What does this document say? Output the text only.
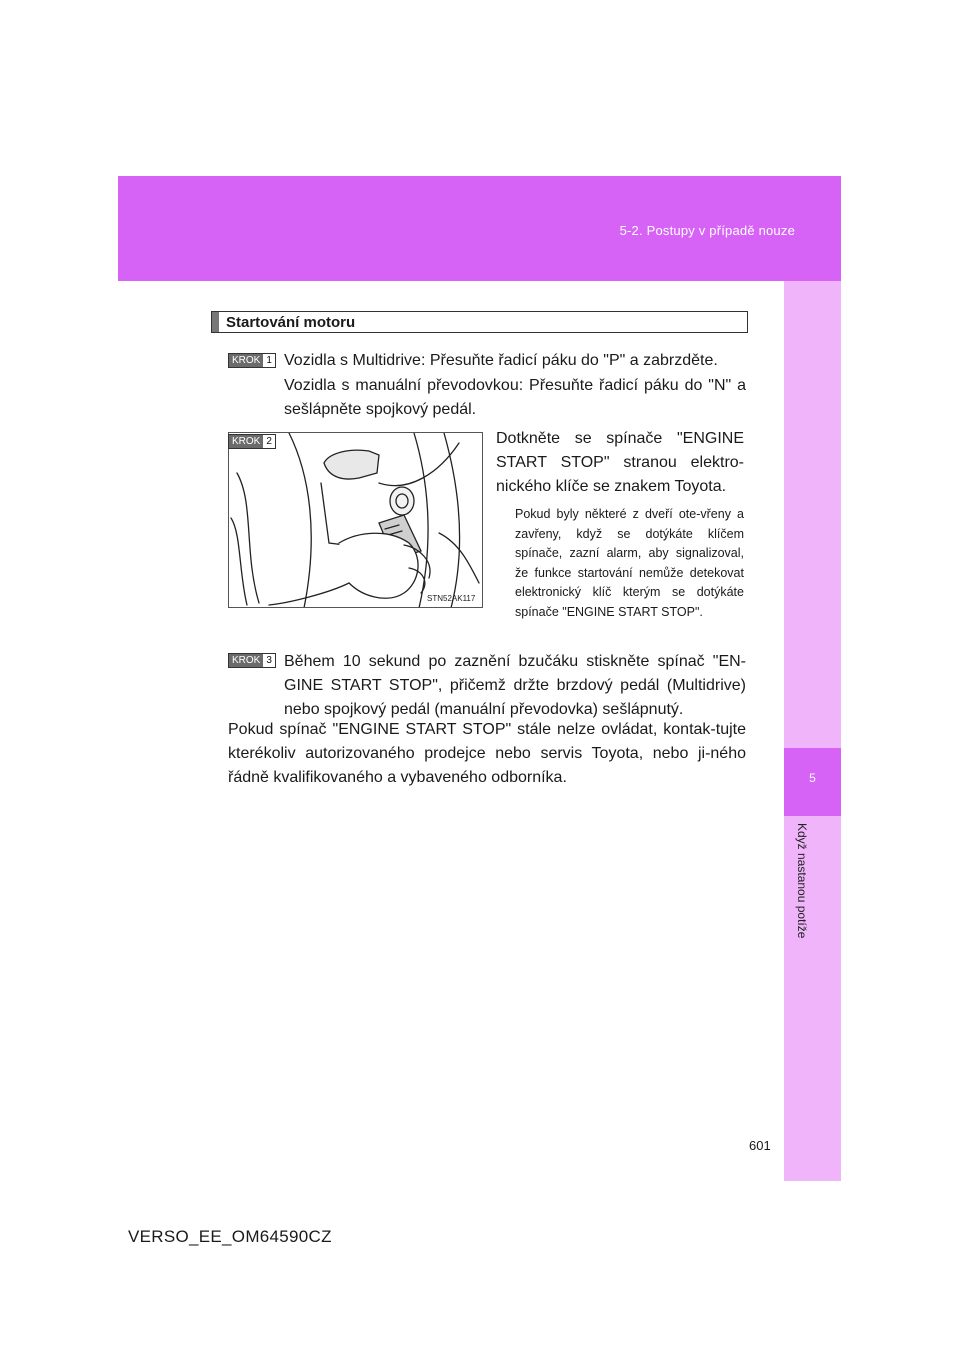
5-2. Postupy v případě nouze
5
Když nastanou potíže
Startování motoru
KROK 1 Vozidla s Multidrive: Přesuňte řadicí páku do "P" a zabrzděte.
Vozidla s manuální převodovkou: Přesuňte řadicí páku do "N" a sešlápněte spojkový pedál.
STN52AK117
KROK 2	Dotkněte se spínače "ENGINE START STOP" stranou elektro-nického klíče se znakem Toyota.
Pokud byly některé z dveří ote-vřeny a zavřeny, když se dotýkáte klíčem spínače, zazní alarm, aby signalizoval, že funkce startování nemůže detekovat elektronický klíč kterým se dotýkáte spínače "ENGINE START STOP".
KROK 3 Během 10 sekund po zaznění bzučáku stiskněte spínač "EN-GINE START STOP", přičemž držte brzdový pedál (Multidrive) nebo spojkový pedál (manuální převodovka) sešlápnutý.
Pokud spínač "ENGINE START STOP" stále nelze ovládat, kontak-tujte kterékoliv autorizovaného prodejce nebo servis Toyota, nebo ji-ného řádně kvalifikovaného a vybaveného odborníka.
601
VERSO_EE_OM64590CZ
